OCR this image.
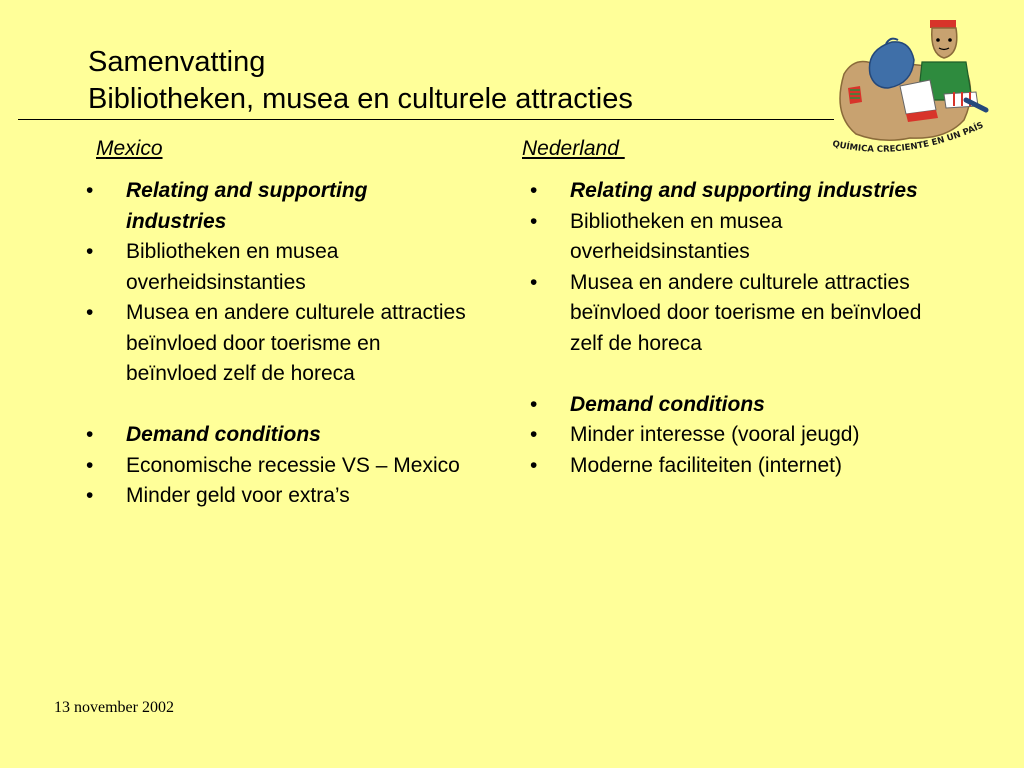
Samenvatting
Bibliotheken, musea en culturele attracties
QUÍMICA CRECIENTE EN UN PAÍS
Mexico	Nederland
•	Relating and supporting industries
•	Bibliotheken en musea overheidsinstanties
•	Musea en andere culturele attracties beïnvloed door toerisme en beïnvloed zelf de horeca
•	Demand conditions
•	Economische recessie VS – Mexico
•	Minder geld voor extra’s
•	Relating and supporting industries
•	Bibliotheken en musea overheidsinstanties
•	Musea en andere culturele attracties beïnvloed door toerisme en beïnvloed zelf de horeca
•	Demand conditions
•	Minder interesse (vooral jeugd)
•	Moderne faciliteiten (internet)
13 november 2002
